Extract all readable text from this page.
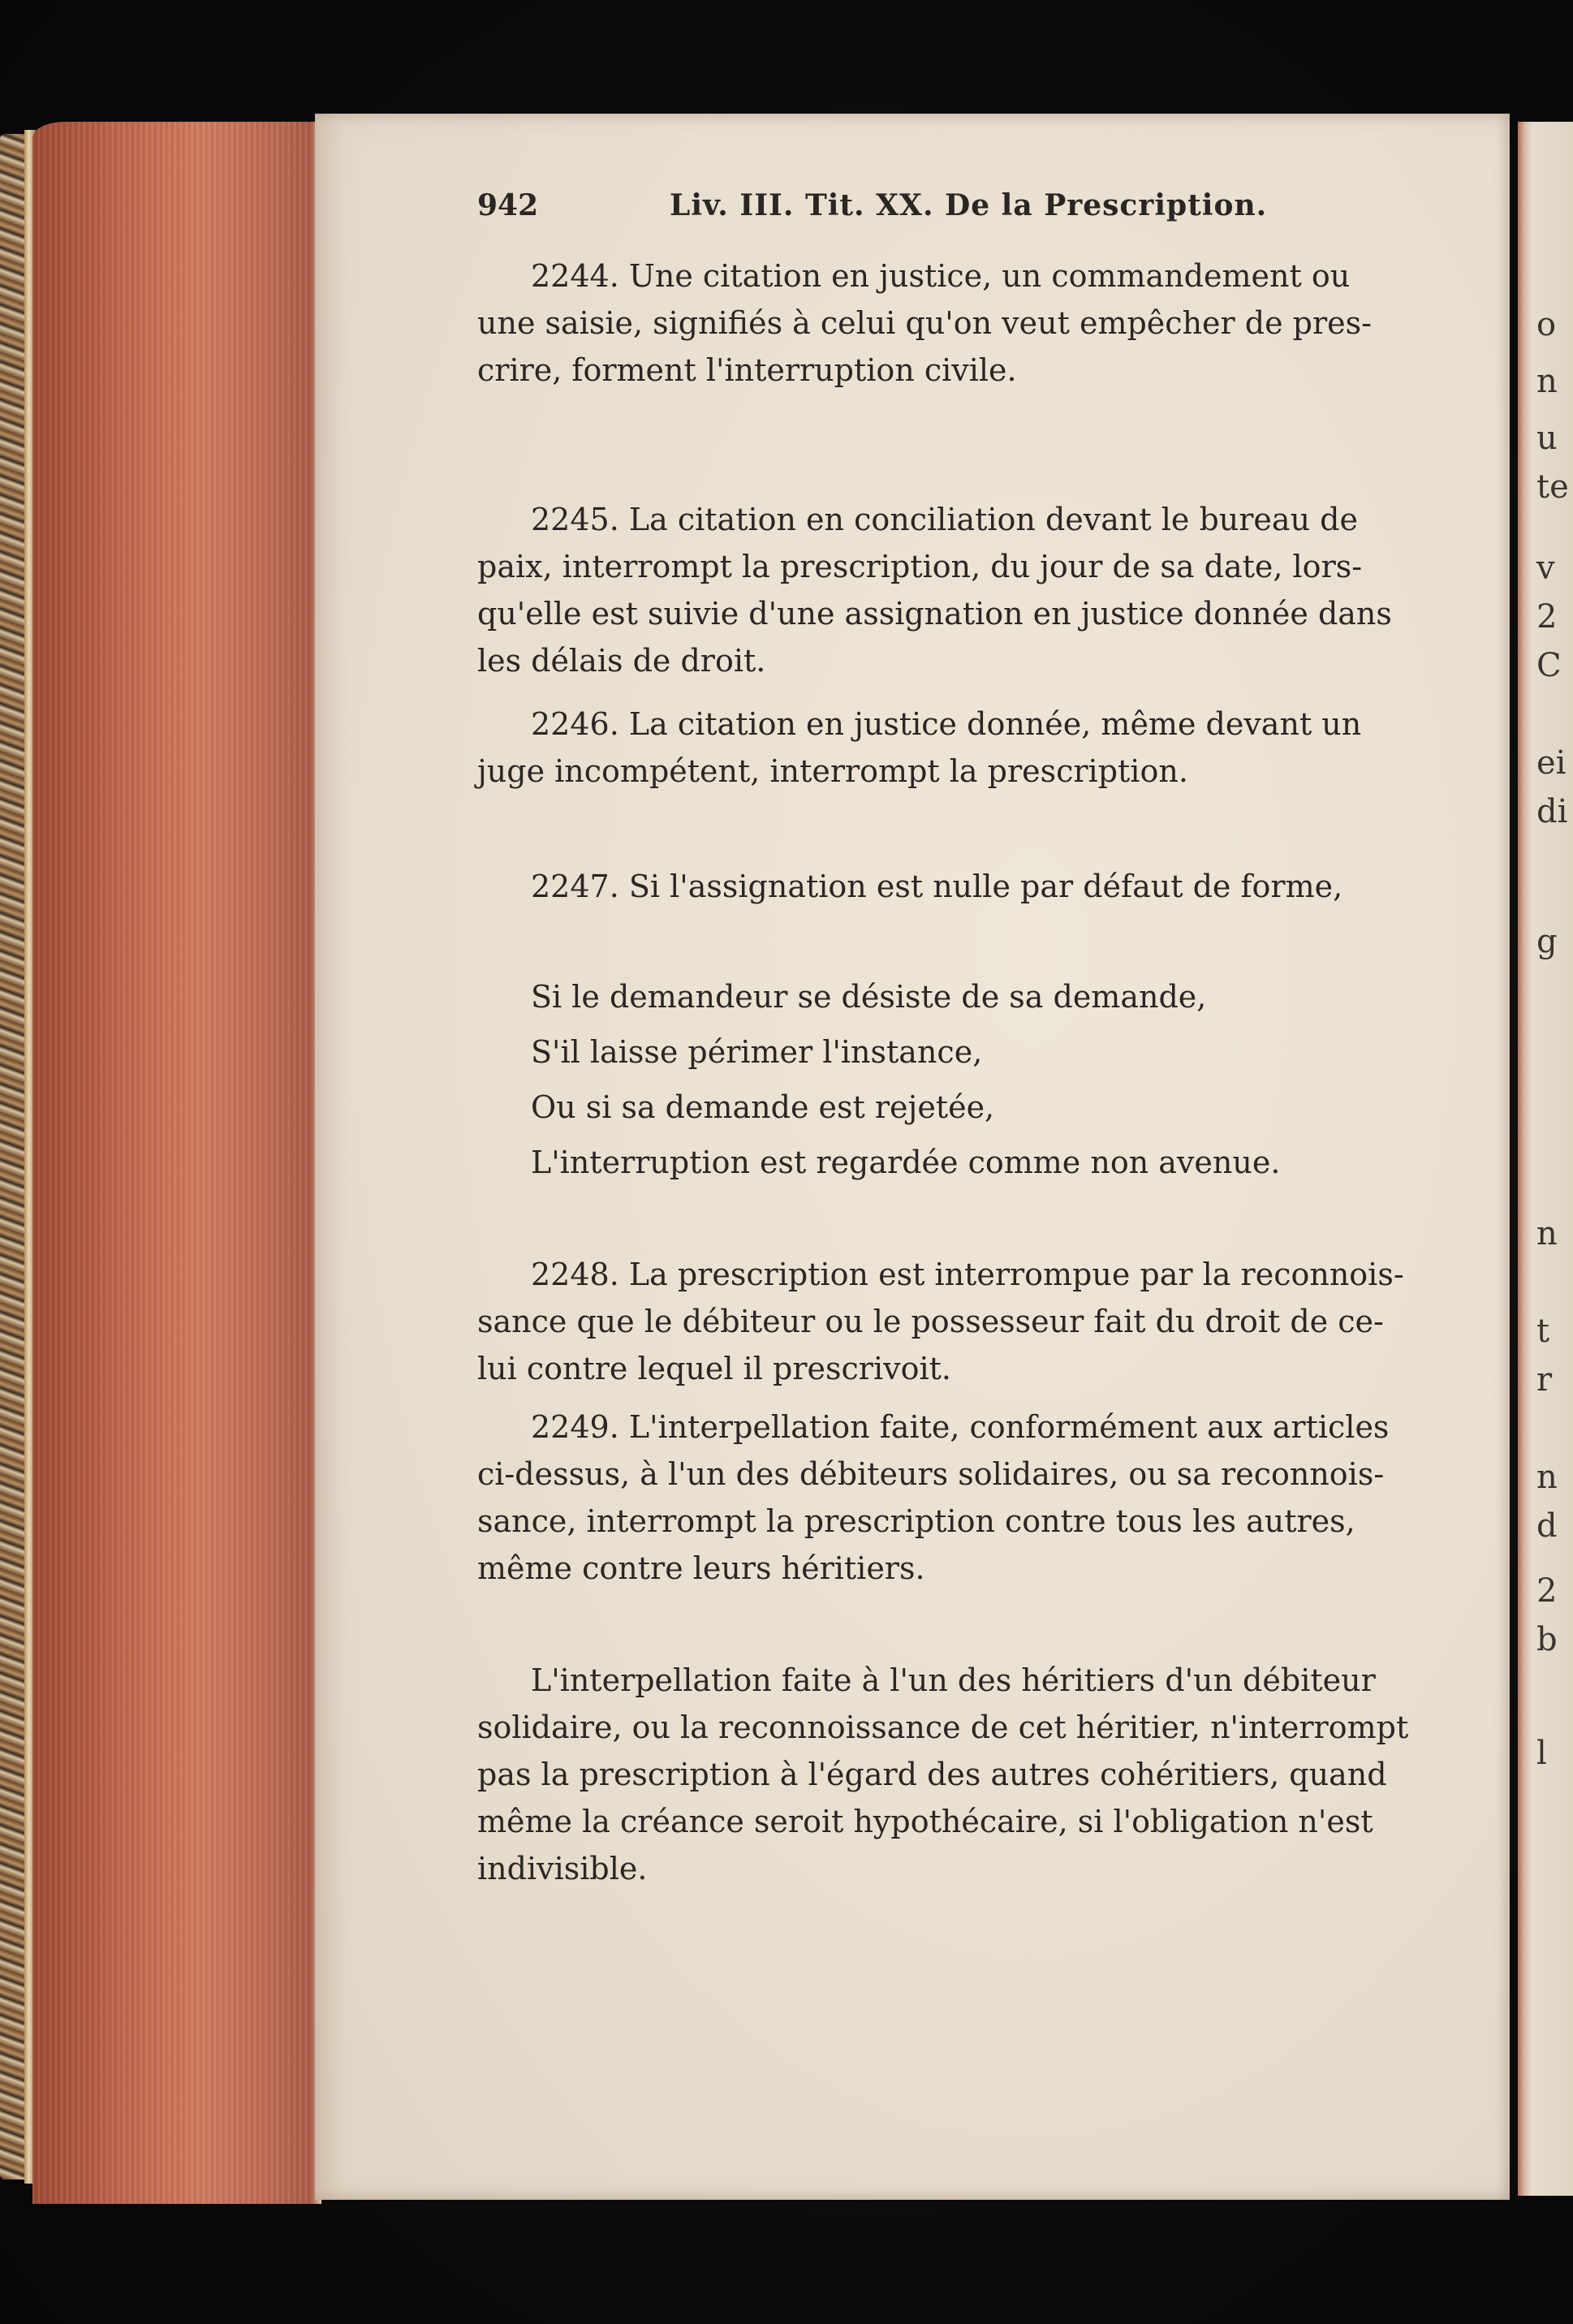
o
n
u
te
v
2
C
ei
di
g
n
t
r
n
d
2
b
l
942	Liv. III. Tit. XX. De la Prescription.
2244. Une citation en justice, un commandement ou
une saisie, signifiés à celui qu'on veut empêcher de pres-
crire, forment l'interruption civile.
2245. La citation en conciliation devant le bureau de
paix, interrompt la prescription, du jour de sa date, lors-
qu'elle est suivie d'une assignation en justice donnée dans
les délais de droit.
2246. La citation en justice donnée, même devant un
juge incompétent, interrompt la prescription.
2247. Si l'assignation est nulle par défaut de forme,
Si le demandeur se désiste de sa demande,
S'il laisse périmer l'instance,
Ou si sa demande est rejetée,
L'interruption est regardée comme non avenue.
2248. La prescription est interrompue par la reconnois-
sance que le débiteur ou le possesseur fait du droit de ce-
lui contre lequel il prescrivoit.
2249. L'interpellation faite, conformément aux articles
ci-dessus, à l'un des débiteurs solidaires, ou sa reconnois-
sance, interrompt la prescription contre tous les autres,
même contre leurs héritiers.
L'interpellation faite à l'un des héritiers d'un débiteur
solidaire, ou la reconnoissance de cet héritier, n'interrompt
pas la prescription à l'égard des autres cohéritiers, quand
même la créance seroit hypothécaire, si l'obligation n'est
indivisible.
